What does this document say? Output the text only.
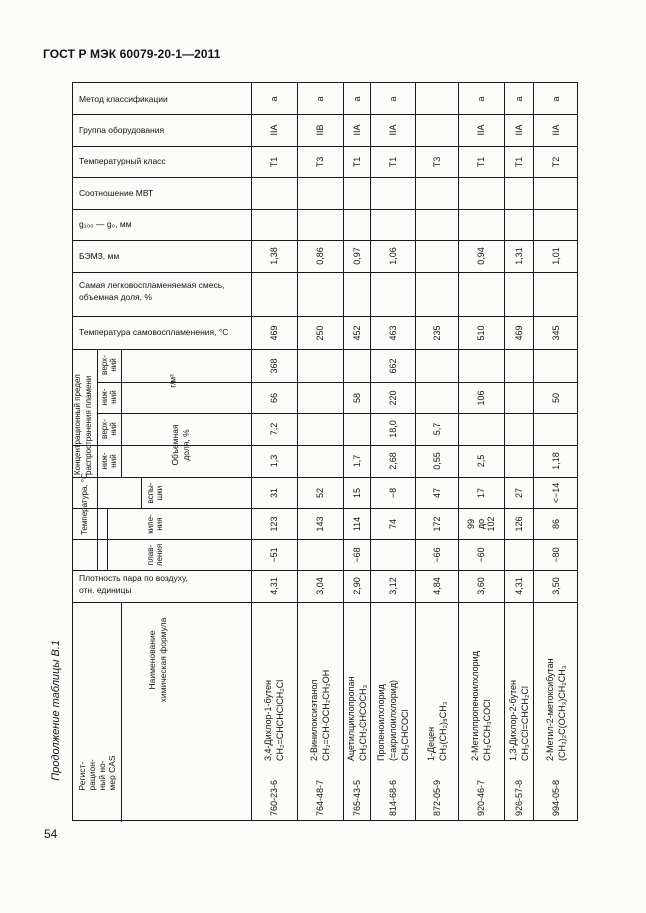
ГОСТ Р МЭК 60079-20-1—2011
Продолжение таблицы В.1
54
Метод классификации
Группа оборудования
Температурный класс
Соотношение МВТ
g₁₀₀ — g₀, мм
БЭМЗ, мм
Самая легковоспламеняемая смесь,
объемная доля, %
Температура самовоспламенения, °С
Концентрационный предел распространения пламени
верх-
ний
ниж-
ний
г/м³
верх-
ний
ниж-
ний	Объемная
доля, %
Температура, °С	вспы-
шки
кипе-
ния
плав-
ления
Плотность пара по воздуху,
отн. единицы
Наименование химическая формула
Регист-
рацион-
ный но-
мер CAS
a
IIA
T1
1,38
469
368
66
7,2
1,3
31
123
−51
4,31
760-23-6
3,4-Дихлор-1-бутен CH₂=CHCHClCH₂Cl
a
IIB
T3
0,86
250
52
143
3,04
764-48-7
2-Винилоксиэтанол CH₂=CH-OCH₂CH₂OH
a
IIA
T1
0,97
452
58
1,7
15
114
−68
2,90
765-43-5
Ацетилциклопропан CH₂CH₂CHCOCH₃
a
IIA
T1
1,06
463
662
220
18,0
2,68
−8
74
3,12
814-68-6
Пропеноилхлорид (=акрилоилхлорид) CH₂CHCOCl
T3
235
5,7
0,55
47
172
−66
4,84
872-05-9
1-Децен CH₂(CH₂)₈CH₃
a
IIA
T1
0,94
510
106
2,5
17
99
до
102
−60
3,60
920-46-7
2-Метилпропеноилхлорид CH₂CCH₃COCl
a
IIA
T1
1,31
469
27
126
4,31
926-57-8
1,3-Дихлор-2-бутен CH₃CCl=CHCH₂Cl
a
IIA
T2
1,01
345
50
1,18
<−14
86
−80
3,50
994-05-8
2-Метил-2-метоксибутан (CH₃)₂C(OCH₃)CH₂CH₃
